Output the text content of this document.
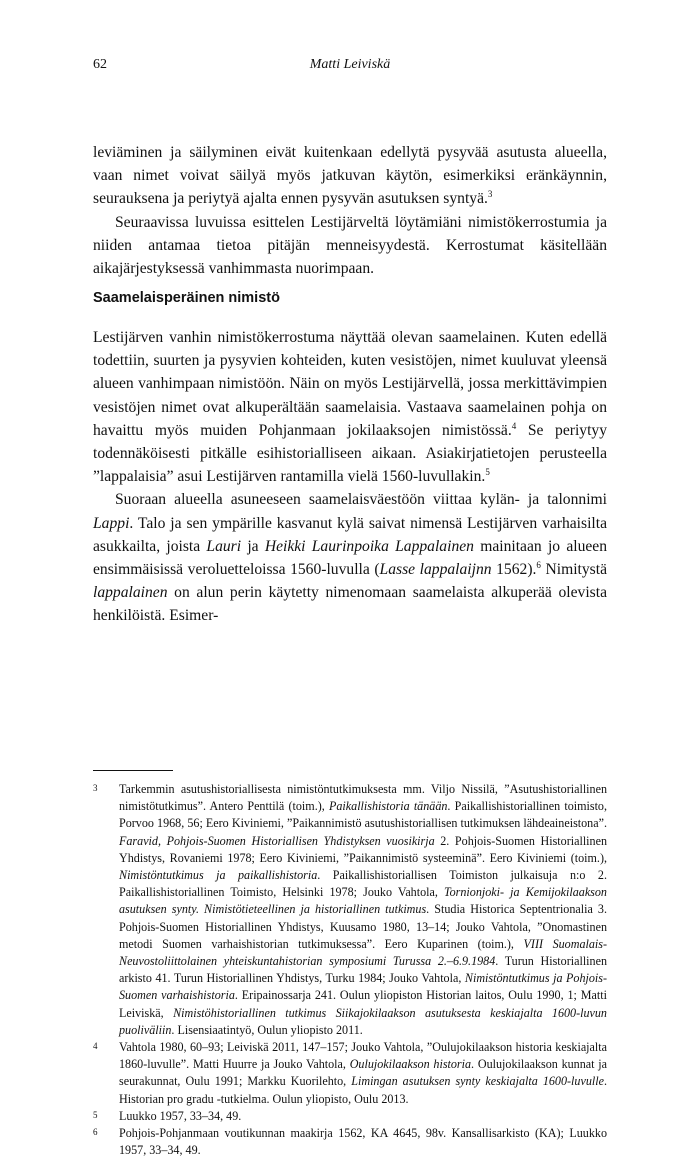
62	Matti Leiviskä

leviäminen ja säilyminen eivät kuitenkaan edellytä pysyvää asutusta alueella, vaan nimet voivat säilyä myös jatkuvan käytön, esimerkiksi eränkäynnin, seurauksena ja periytyä ajalta ennen pysyvän asutuksen syntyä.$^3$

Seuraavissa luvuissa esittelen Lestijärveltä löytämiäni nimistökerrostumia ja niiden antamaa tietoa pitäjän menneisyydestä. Kerrostumat käsitellään aikajärjestyksessä vanhimmasta nuorimpaan.

Saamelaisperäinen nimistö

Lestijärven vanhin nimistökerrostuma näyttää olevan saamelainen. Kuten edellä todettiin, suurten ja pysyvien kohteiden, kuten vesistöjen, nimet kuuluvat yleensä alueen vanhimpaan nimistöön. Näin on myös Lestijärvellä, jossa merkittävimpien vesistöjen nimet ovat alkuperältään saamelaisia. Vastaava saamelainen pohja on havaittu myös muiden Pohjanmaan jokilaaksojen nimistössä.$^4$ Se periytyy todennäköisesti pitkälle esihistorialliseen aikaan. Asiakirjatietojen perusteella ”lappalaisia” asui Lestijärven rantamilla vielä 1560-luvullakin.$^5$

Suoraan alueella asuneeseen saamelaisväestöön viittaa kylän- ja talonnimi Lappi. Talo ja sen ympärille kasvanut kylä saivat nimensä Lestijärven varhaisilta asukkailta, joista Lauri ja Heikki Laurinpoika Lappalainen mainitaan jo alueen ensimmäisissä veroluetteloissa 1560-luvulla (Lasse lappalaijnn 1562).$^6$ Nimitystä lappalainen on alun perin käytetty nimenomaan saamelaista alkuperää olevista henkilöistä. Esimer-

3 Tarkemmin asutushistoriallisesta nimistöntutkimuksesta mm. Viljo Nissilä, ”Asutushistoriallinen nimistötutkimus”. Antero Penttilä (toim.), Paikallishistoria tänään. Paikallishistoriallinen toimisto, Porvoo 1968, 56; Eero Kiviniemi, ”Paikannimistö asutushistoriallisen tutkimuksen lähdeaineistona”. Faravid, Pohjois-Suomen Historiallisen Yhdistyksen vuosikirja 2. Pohjois-Suomen Historiallinen Yhdistys, Rovaniemi 1978; Eero Kiviniemi, ”Paikannimistö systeeminä”. Eero Kiviniemi (toim.), Nimistöntutkimus ja paikallishistoria. Paikallishistoriallisen Toimiston julkaisuja n:o 2. Paikallishistoriallinen Toimisto, Helsinki 1978; Jouko Vahtola, Tornionjoki- ja Kemijokilaakson asutuksen synty. Nimistötieteellinen ja historiallinen tutkimus. Studia Historica Septentrionalia 3. Pohjois-Suomen Historiallinen Yhdistys, Kuusamo 1980, 13–14; Jouko Vahtola, ”Onomastinen metodi Suomen varhaishistorian tutkimuksessa”. Eero Kuparinen (toim.), VIII Suomalais-Neuvostoliittolainen yhteiskuntahistorian symposiumi Turussa 2.–6.9.1984. Turun Historiallinen arkisto 41. Turun Historiallinen Yhdistys, Turku 1984; Jouko Vahtola, Nimistöntutkimus ja Pohjois-Suomen varhaishistoria. Eripainossarja 241. Oulun yliopiston Historian laitos, Oulu 1990, 1; Matti Leiviskä, Nimistöhistoriallinen tutkimus Siikajokilaakson asutuksesta keskiajalta 1600-luvun puoliväliin. Lisensiaatintyö, Oulun yliopisto 2011.

4 Vahtola 1980, 60–93; Leiviskä 2011, 147–157; Jouko Vahtola, ”Oulujokilaakson historia keskiajalta 1860-luvulle”. Matti Huurre ja Jouko Vahtola, Oulujokilaakson historia. Oulujokilaakson kunnat ja seurakunnat, Oulu 1991; Markku Kuorilehto, Limingan asutuksen synty keskiajalta 1600-luvulle. Historian pro gradu -tutkielma. Oulun yliopisto, Oulu 2013.

5 Luukko 1957, 33–34, 49.

6 Pohjois-Pohjanmaan voutikunnan maakirja 1562, KA 4645, 98v. Kansallisarkisto (KA); Luukko 1957, 33–34, 49.
